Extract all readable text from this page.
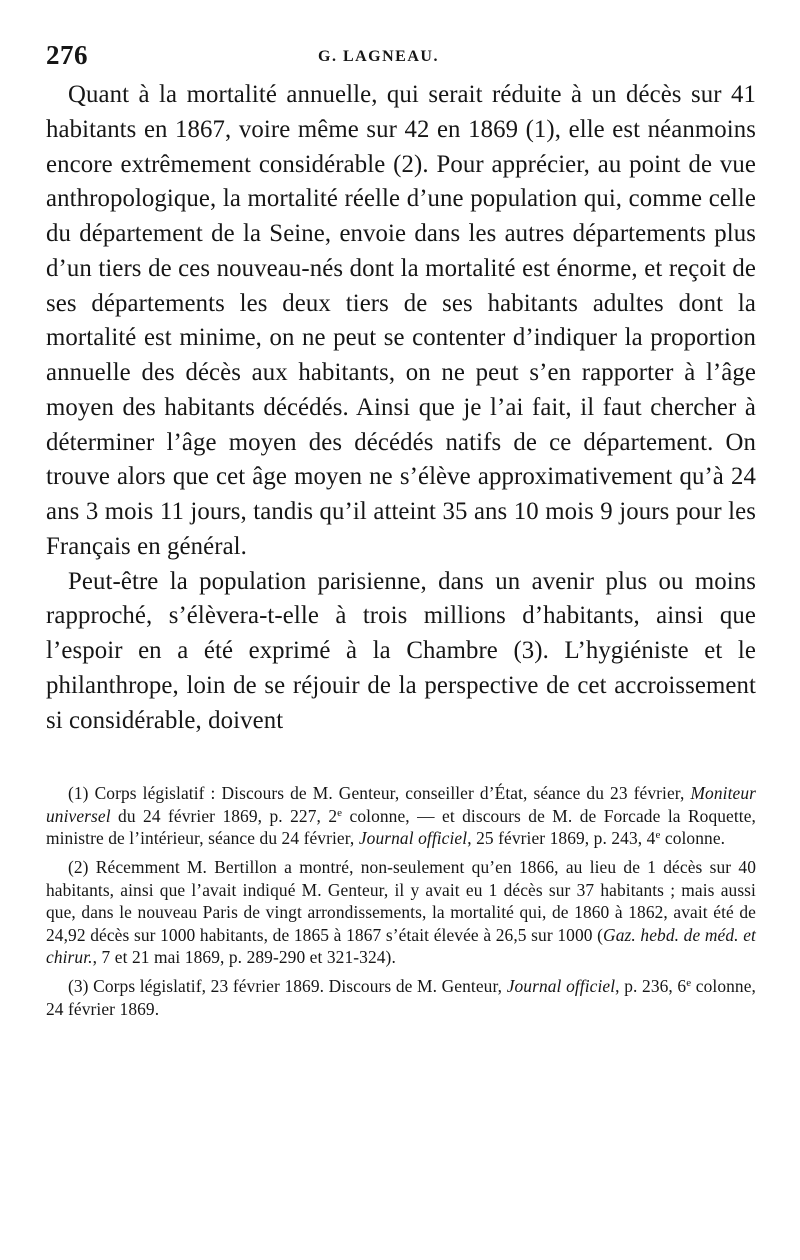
276	G. LAGNEAU.

Quant à la mortalité annuelle, qui serait réduite à un décès sur 41 habitants en 1867, voire même sur 42 en 1869 (1), elle est néanmoins encore extrêmement considérable (2). Pour apprécier, au point de vue anthropologique, la mortalité réelle d’une population qui, comme celle du département de la Seine, envoie dans les autres départements plus d’un tiers de ces nouveau-nés dont la mortalité est énorme, et reçoit de ses départements les deux tiers de ses habitants adultes dont la mortalité est minime, on ne peut se contenter d’indiquer la proportion annuelle des décès aux habitants, on ne peut s’en rapporter à l’âge moyen des habitants décédés. Ainsi que je l’ai fait, il faut chercher à déterminer l’âge moyen des décédés natifs de ce département. On trouve alors que cet âge moyen ne s’élève approximativement qu’à 24 ans 3 mois 11 jours, tandis qu’il atteint 35 ans 10 mois 9 jours pour les Français en général.

Peut-être la population parisienne, dans un avenir plus ou moins rapproché, s’élèvera-t-elle à trois millions d’habitants, ainsi que l’espoir en a été exprimé à la Chambre (3). L’hygiéniste et le philanthrope, loin de se réjouir de la perspective de cet accroissement si considérable, doivent

(1) Corps législatif : Discours de M. Genteur, conseiller d’État, séance du 23 février, Moniteur universel du 24 février 1869, p. 227, 2e colonne, — et discours de M. de Forcade la Roquette, ministre de l’intérieur, séance du 24 février, Journal officiel, 25 février 1869, p. 243, 4e colonne.

(2) Récemment M. Bertillon a montré, non-seulement qu’en 1866, au lieu de 1 décès sur 40 habitants, ainsi que l’avait indiqué M. Genteur, il y avait eu 1 décès sur 37 habitants ; mais aussi que, dans le nouveau Paris de vingt arrondissements, la mortalité qui, de 1860 à 1862, avait été de 24,92 décès sur 1000 habitants, de 1865 à 1867 s’était élevée à 26,5 sur 1000 (Gaz. hebd. de méd. et chirur., 7 et 21 mai 1869, p. 289-290 et 321-324).

(3) Corps législatif, 23 février 1869. Discours de M. Genteur, Journal officiel, p. 236, 6e colonne, 24 février 1869.
